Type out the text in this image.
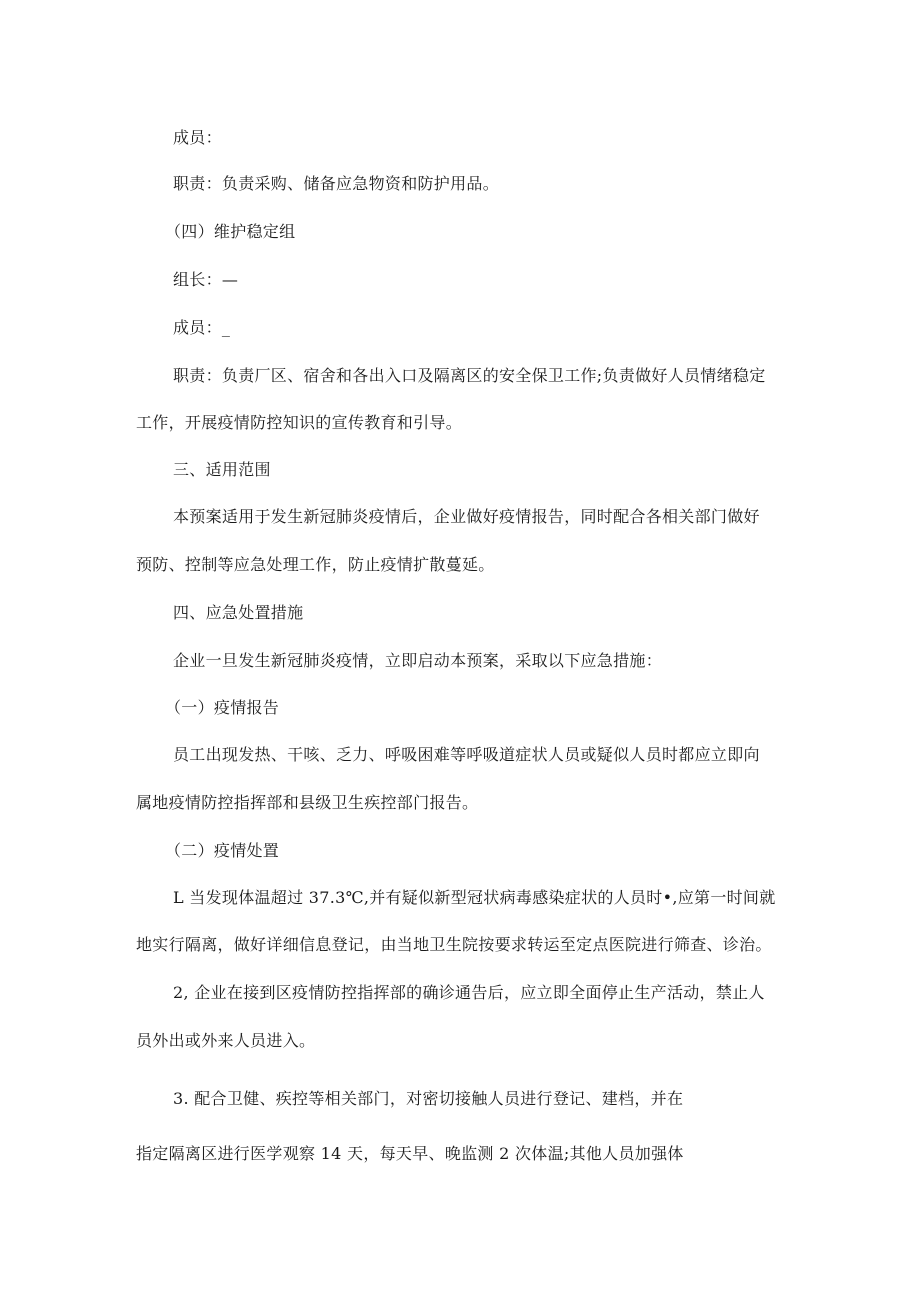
成员：
职责：负责采购、储备应急物资和防护用品。
（四）维护稳定组
组长：—
成员：_
职责：负责厂区、宿舍和各出入口及隔离区的安全保卫工作;负责做好人员情绪稳定
工作，开展疫情防控知识的宣传教育和引导。
三、适用范围
本预案适用于发生新冠肺炎疫情后，企业做好疫情报告，同时配合各相关部门做好
预防、控制等应急处理工作，防止疫情扩散蔓延。
四、应急处置措施
企业一旦发生新冠肺炎疫情，立即启动本预案，采取以下应急措施：
（一）疫情报告
员工出现发热、干咳、乏力、呼吸困难等呼吸道症状人员或疑似人员时都应立即向
属地疫情防控指挥部和县级卫生疾控部门报告。
（二）疫情处置
L 当发现体温超过 37.3℃,并有疑似新型冠状病毒感染症状的人员时•,应第一时间就
地实行隔离，做好详细信息登记，由当地卫生院按要求转运至定点医院进行筛查、诊治。
2, 企业在接到区疫情防控指挥部的确诊通告后，应立即全面停止生产活动，禁止人
员外出或外来人员进入。
3. 配合卫健、疾控等相关部门，对密切接触人员进行登记、建档，并在
指定隔离区进行医学观察 14 天，每天早、晚监测 2 次体温;其他人员加强体
